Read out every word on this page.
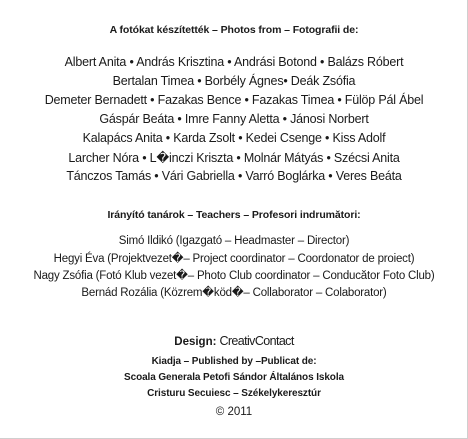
A fotókat készítették – Photos from – Fotografii de:
Albert Anita • András Krisztina • Andrási Botond • Balázs Róbert
Bertalan Timea • Borbély Ágnes• Deák Zsófia
Demeter Bernadett • Fazakas Bence • Fazakas Timea • Fülöp Pál Ábel
Gáspár Beáta • Imre Fanny Aletta • Jánosi Norbert
Kalapács Anita • Karda Zsolt • Kedei Csenge • Kiss Adolf
Larcher Nóra • L�inczi Kriszta • Molnár Mátyás • Szécsi Anita
Tánczos Tamás • Vári Gabriella • Varró Boglárka • Veres Beáta
Irányító tanárok – Teachers – Profesori indrumători:
Simó Ildikó (Igazgató – Headmaster – Director)
Hegyi Éva (Projektvezet�– Project coordinator – Coordonator de proiect)
Nagy Zsófia (Fotó Klub vezet�– Photo Club coordinator – Conducător Foto Club)
Bernád Rozália (Közrem�köd�– Collaborator – Colaborator)
Design: CreativContact
Kiadja – Published by –Publicat de:
Scoala Generala Petofi Sándor Általános Iskola
Cristuru Secuiesc – Székelykeresztúr
© 2011
